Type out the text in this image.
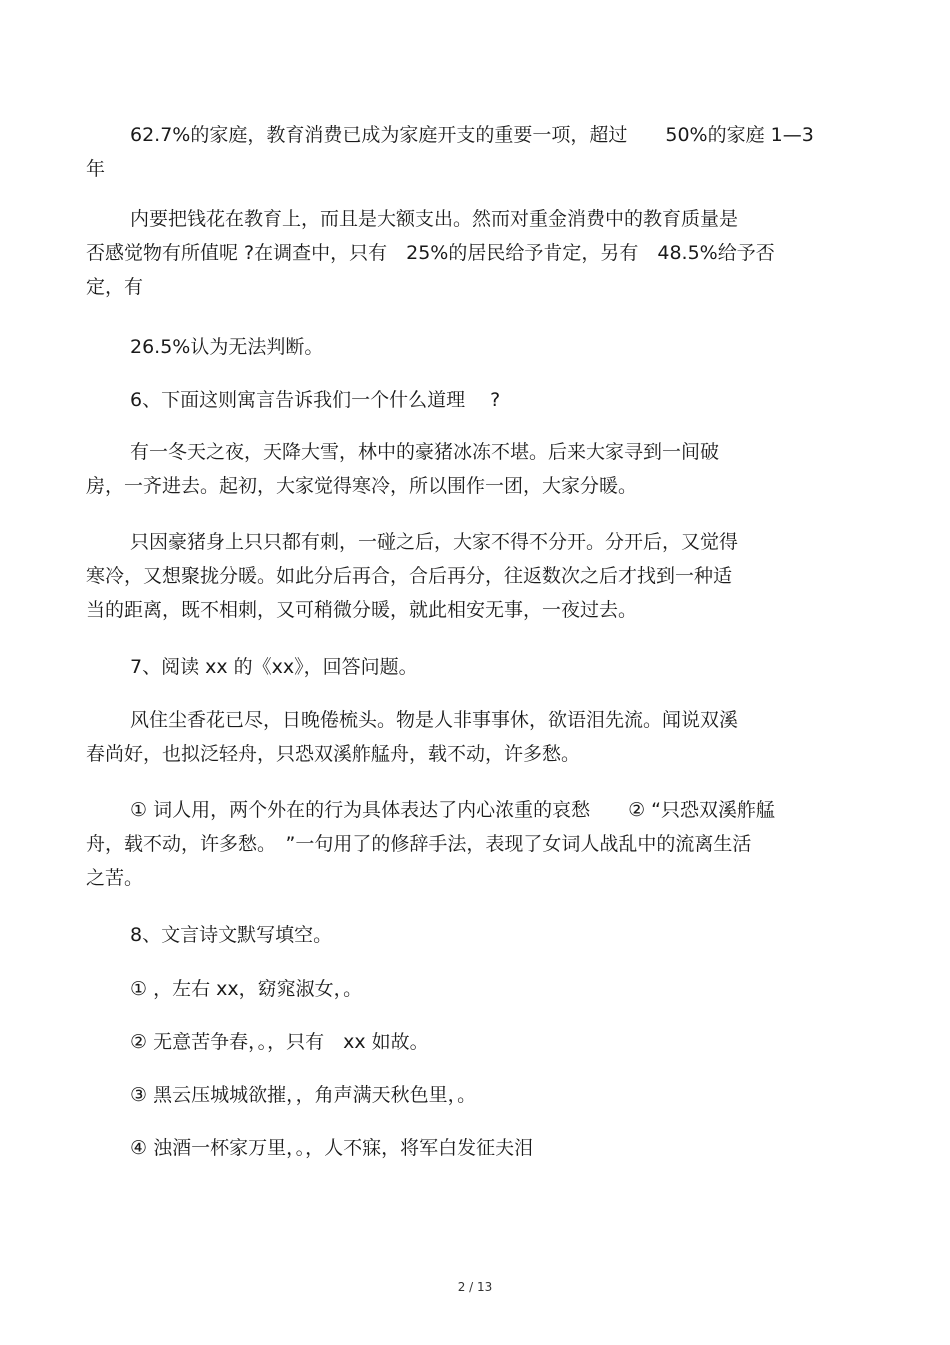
62.7%的家庭，教育消费已成为家庭开支的重要一项，超过　　50%的家庭 1—3
年

内要把钱花在教育上，而且是大额支出。然而对重金消费中的教育质量是
否感觉物有所值呢 ?在调查中，只有　25%的居民给予肯定，另有　48.5%给予否
定，有

26.5%认为无法判断。

6、下面这则寓言告诉我们一个什么道理　 ?

有一冬天之夜，天降大雪，林中的豪猪冰冻不堪。后来大家寻到一间破
房，一齐进去。起初，大家觉得寒冷，所以围作一团，大家分暖。

只因豪猪身上只只都有刺，一碰之后，大家不得不分开。分开后，又觉得
寒冷，又想聚拢分暖。如此分后再合，合后再分，往返数次之后才找到一种适
当的距离，既不相刺，又可稍微分暖，就此相安无事，一夜过去。

7、阅读 xx 的《xx》，回答问题。

风住尘香花已尽，日晚倦梳头。物是人非事事休，欲语泪先流。闻说双溪
春尚好，也拟泛轻舟，只恐双溪舴艋舟，载不动，许多愁。

① 词人用，两个外在的行为具体表达了内心浓重的哀愁　　② “只恐双溪舴艋
舟，载不动，许多愁。　”一句用了的修辞手法，表现了女词人战乱中的流离生活
之苦。

8、文言诗文默写填空。

① ，左右 xx，窈窕淑女，。

② 无意苦争春，。，只有　xx 如故。

③ 黑云压城城欲摧，，角声满天秋色里，。

④ 浊酒一杯家万里，。，人不寐，将军白发征夫泪

2 / 13
